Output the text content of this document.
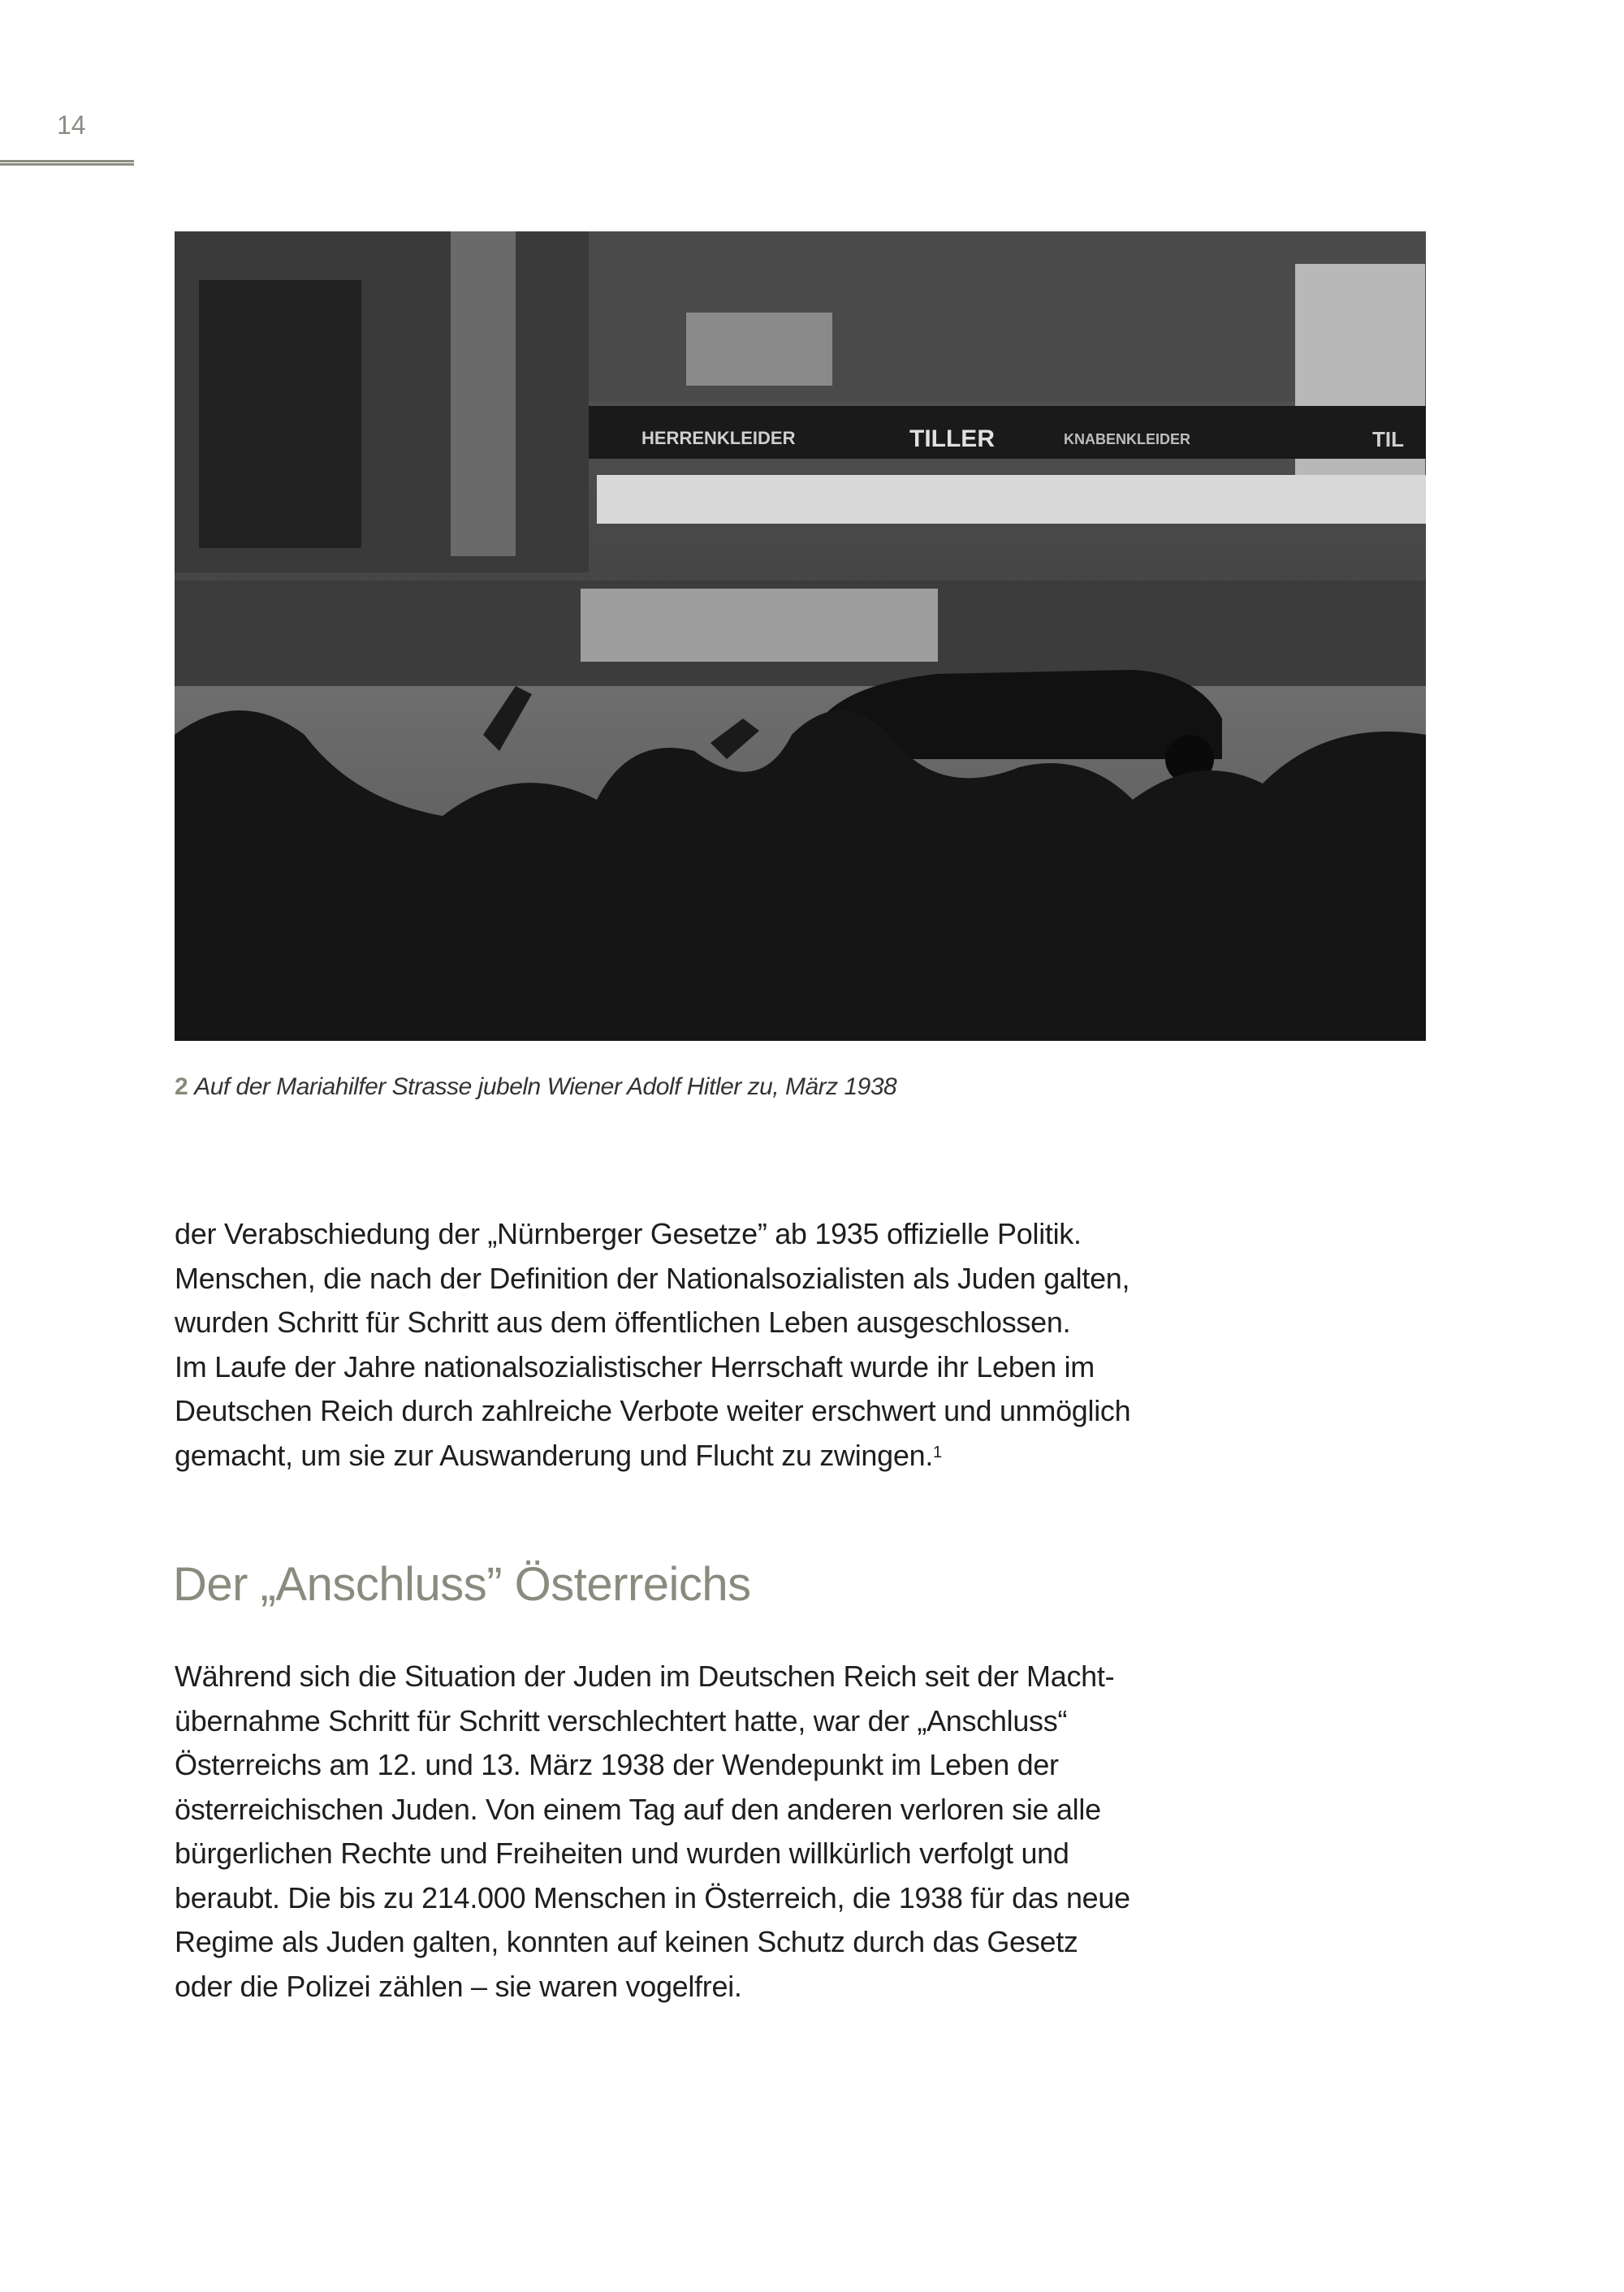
14
HERRENKLEIDER	TILLER	KNABENKLEIDER	TIL
2 Auf der Mariahilfer Strasse jubeln Wiener Adolf Hitler zu, März 1938
der Verabschiedung der „Nürnberger Gesetze” ab 1935 offizielle Politik.
Menschen, die nach der Definition der Nationalsozialisten als Juden galten,
wurden Schritt für Schritt aus dem öffentlichen Leben ausgeschlossen.
Im Laufe der Jahre nationalsozialistischer Herrschaft wurde ihr Leben im
Deutschen Reich durch zahlreiche Verbote weiter erschwert und unmöglich
gemacht, um sie zur Auswanderung und Flucht zu zwingen.$^1$
Der „Anschluss” Österreichs
Während sich die Situation der Juden im Deutschen Reich seit der Macht-
übernahme Schritt für Schritt verschlechtert hatte, war der „Anschluss“
Österreichs am 12. und 13. März 1938 der Wendepunkt im Leben der
österreichischen Juden. Von einem Tag auf den anderen verloren sie alle
bürgerlichen Rechte und Freiheiten und wurden willkürlich verfolgt und
beraubt. Die bis zu 214.000 Menschen in Österreich, die 1938 für das neue
Regime als Juden galten, konnten auf keinen Schutz durch das Gesetz
oder die Polizei zählen – sie waren vogelfrei.
